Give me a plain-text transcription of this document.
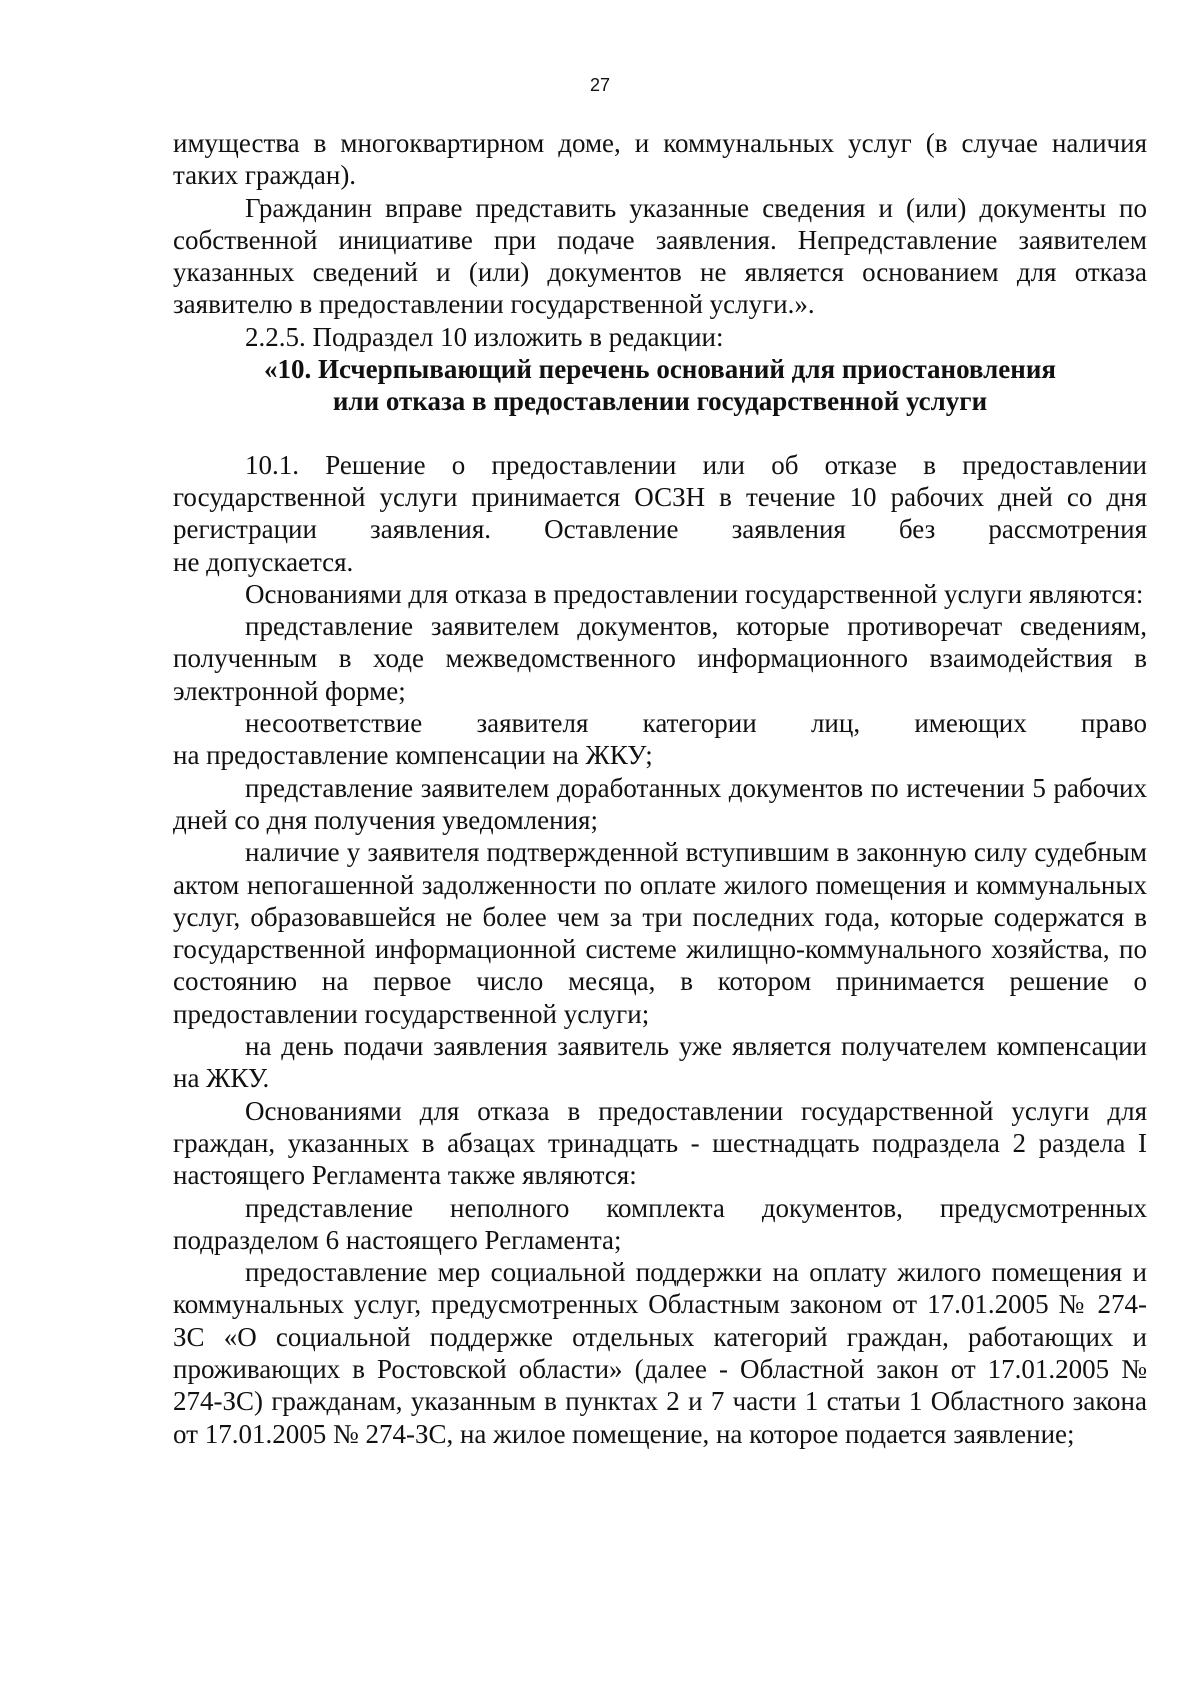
27

имущества в многоквартирном доме, и коммунальных услуг (в случае наличия таких граждан).

Гражданин вправе представить указанные сведения и (или) документы по собственной инициативе при подаче заявления. Непредставление заявителем указанных сведений и (или) документов не является основанием для отказа заявителю в предоставлении государственной услуги.».

2.2.5. Подраздел 10 изложить в редакции:

«10. Исчерпывающий перечень оснований для приостановления
или отказа в предоставлении государственной услуги

10.1. Решение о предоставлении или об отказе в предоставлении государственной услуги принимается ОСЗН в течение 10 рабочих дней со дня регистрации заявления. Оставление заявления без рассмотрения

не допускается.

Основаниями для отказа в предоставлении государственной услуги являются:

представление заявителем документов, которые противоречат сведениям, полученным в ходе межведомственного информационного взаимодействия в электронной форме;

несоответствие заявителя категории лиц, имеющих право

на предоставление компенсации на ЖКУ;

представление заявителем доработанных документов по истечении 5 рабочих дней со дня получения уведомления;

наличие у заявителя подтвержденной вступившим в законную силу судебным актом непогашенной задолженности по оплате жилого помещения и коммунальных услуг, образовавшейся не более чем за три последних года, которые содержатся в государственной информационной системе жилищно-коммунального хозяйства, по состоянию на первое число месяца, в котором принимается решение о предоставлении государственной услуги;

на день подачи заявления заявитель уже является получателем компенсации на ЖКУ.

Основаниями для отказа в предоставлении государственной услуги для граждан, указанных в абзацах тринадцать - шестнадцать подраздела 2 раздела I настоящего Регламента также являются:

представление неполного комплекта документов, предусмотренных подразделом 6 настоящего Регламента;

предоставление мер социальной поддержки на оплату жилого помещения и коммунальных услуг, предусмотренных Областным законом от 17.01.2005 № 274-ЗС «О социальной поддержке отдельных категорий граждан, работающих и проживающих в Ростовской области» (далее - Областной закон от 17.01.2005 № 274-ЗС) гражданам, указанным в пунктах 2 и 7 части 1 статьи 1 Областного закона от 17.01.2005 № 274-ЗС, на жилое помещение, на которое подается заявление;
